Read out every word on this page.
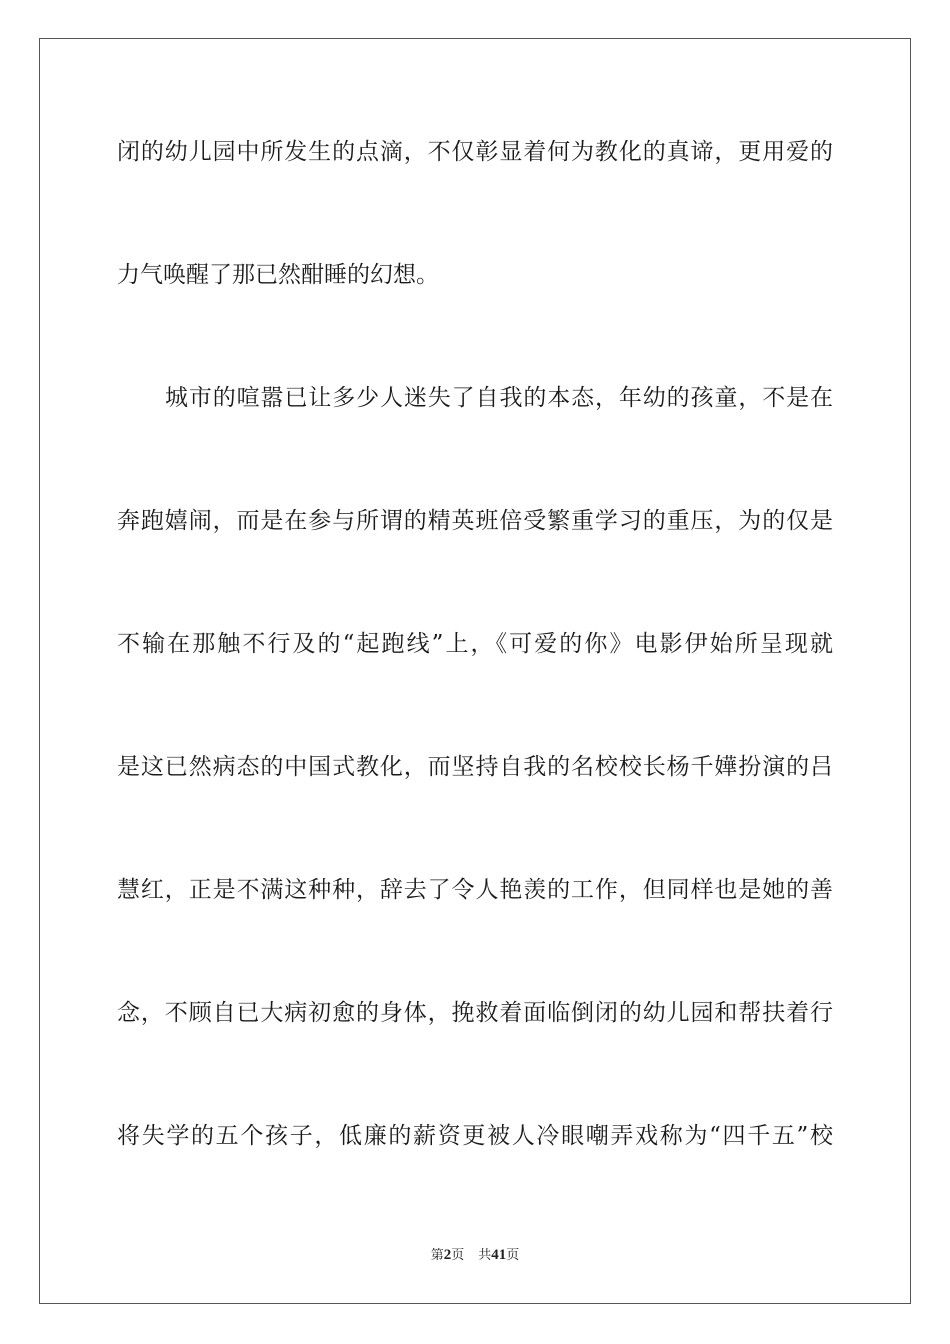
闭的幼儿园中所发生的点滴，不仅彰显着何为教化的真谛，更用爱的
力气唤醒了那已然酣睡的幻想。
城市的喧嚣已让多少人迷失了自我的本态，年幼的孩童，不是在
奔跑嬉闹，而是在参与所谓的精英班倍受繁重学习的重压，为的仅是
不输在那触不行及的“起跑线”上，《可爱的你》电影伊始所呈现就
是这已然病态的中国式教化，而坚持自我的名校校长杨千嬅扮演的吕
慧红，正是不满这种种，辞去了令人艳羡的工作，但同样也是她的善
念，不顾自已大病初愈的身体，挽救着面临倒闭的幼儿园和帮扶着行
将失学的五个孩子，低廉的薪资更被人冷眼嘲弄戏称为“四千五”校
第2页 共41页
